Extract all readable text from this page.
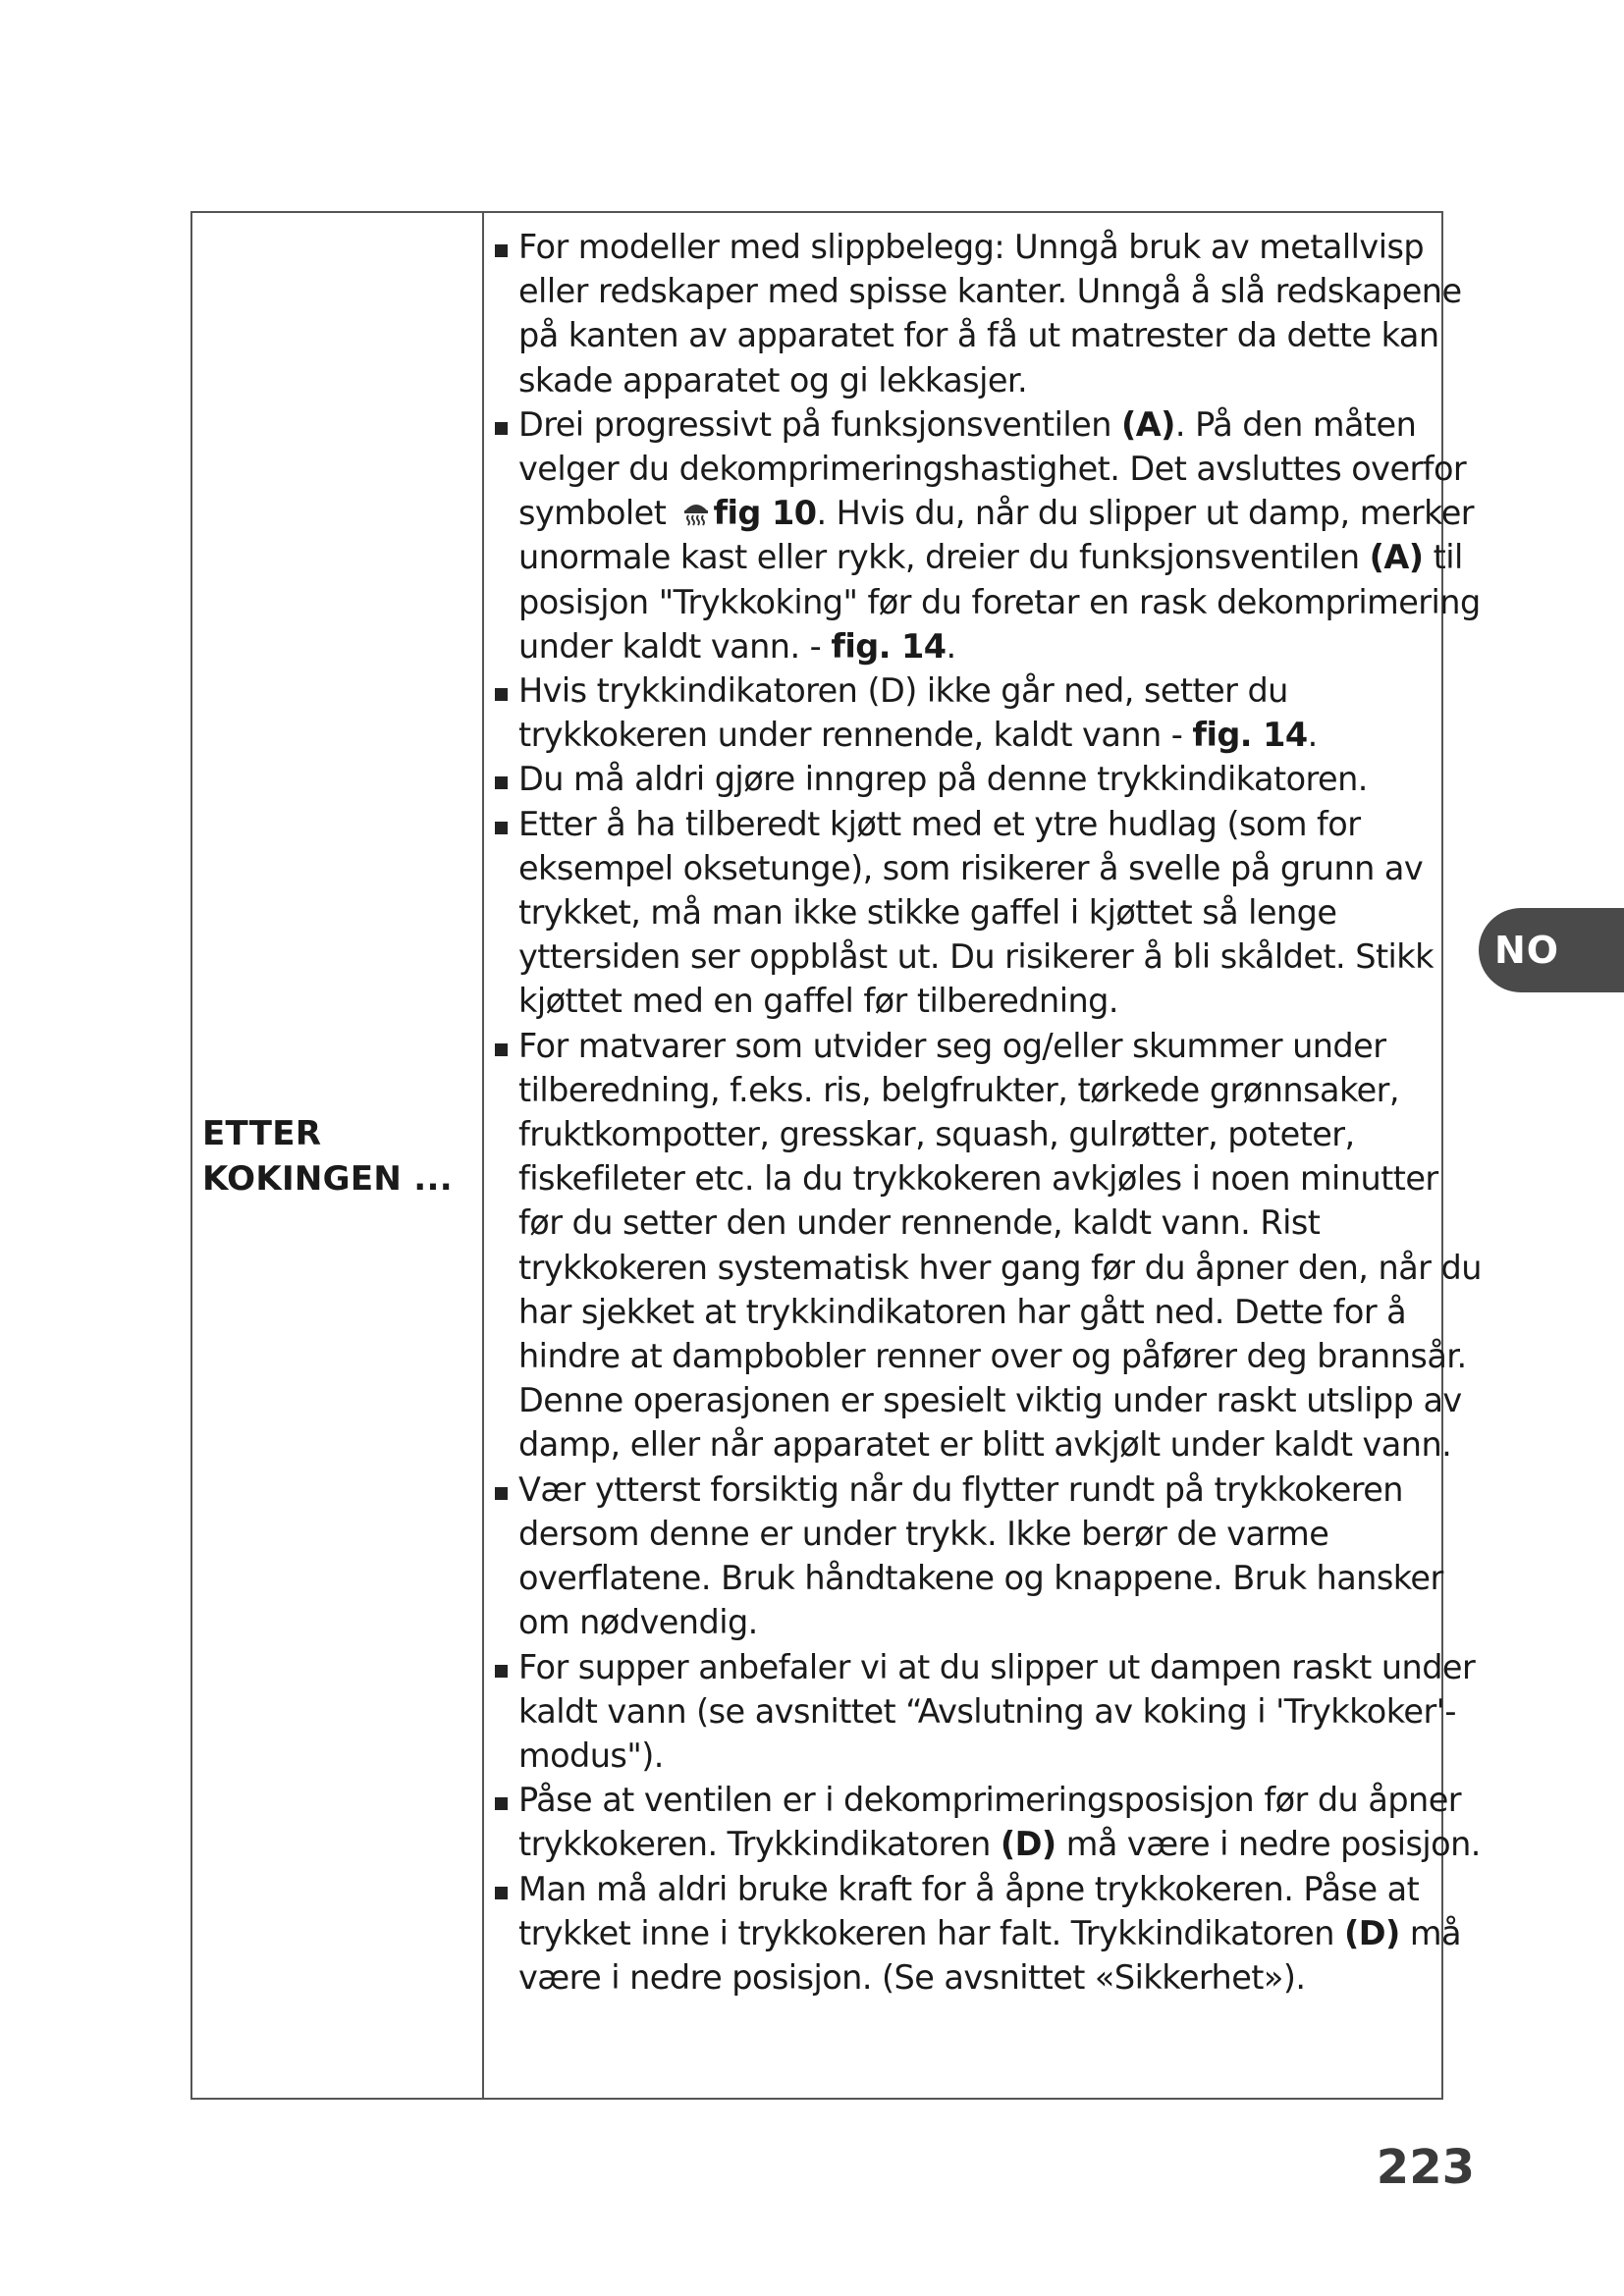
ETTER
KOKINGEN ...
For modeller med slippbelegg: Unngå bruk av metallvisp eller redskaper med spisse kanter. Unngå å slå redskapene på kanten av apparatet for å få ut matrester da dette kan skade apparatet og gi lekkasjer.
Drei progressivt på funksjonsventilen (A). På den måten velger du dekomprimeringshastighet. Det avsluttes overfor symbolet fig 10. Hvis du, når du slipper ut damp, merker unormale kast eller rykk, dreier du funksjonsventilen (A) til posisjon "Trykkoking" før du foretar en rask dekomprimering under kaldt vann. - fig. 14.
Hvis trykkindikatoren (D) ikke går ned, setter du trykkokeren under rennende, kaldt vann - fig. 14.
Du må aldri gjøre inngrep på denne trykkindikatoren.
Etter å ha tilberedt kjøtt med et ytre hudlag (som for eksempel oksetunge), som risikerer å svelle på grunn av trykket, må man ikke stikke gaffel i kjøttet så lenge yttersiden ser oppblåst ut. Du risikerer å bli skåldet. Stikk kjøttet med en gaffel før tilberedning.
For matvarer som utvider seg og/eller skummer under tilberedning, f.eks. ris, belgfrukter, tørkede grønnsaker, fruktkompotter, gresskar, squash, gulrøtter, poteter, fiskefileter etc. la du trykkokeren avkjøles i noen minutter før du setter den under rennende, kaldt vann. Rist trykkokeren systematisk hver gang før du åpner den, når du har sjekket at trykkindikatoren har gått ned. Dette for å hindre at dampbobler renner over og påfører deg brannsår. Denne operasjonen er spesielt viktig under raskt utslipp av damp, eller når apparatet er blitt avkjølt under kaldt vann.
Vær ytterst forsiktig når du flytter rundt på trykkokeren dersom denne er under trykk. Ikke berør de varme overflatene. Bruk håndtakene og knappene. Bruk hansker om nødvendig.
For supper anbefaler vi at du slipper ut dampen raskt under kaldt vann (se avsnittet “Avslutning av koking i 'Trykkoker'-modus").
Påse at ventilen er i dekomprimeringsposisjon før du åpner trykkokeren. Trykkindikatoren (D) må være i nedre posisjon.
Man må aldri bruke kraft for å åpne trykkokeren. Påse at trykket inne i trykkokeren har falt. Trykkindikatoren (D) må være i nedre posisjon. (Se avsnittet «Sikkerhet»).
NO
223
